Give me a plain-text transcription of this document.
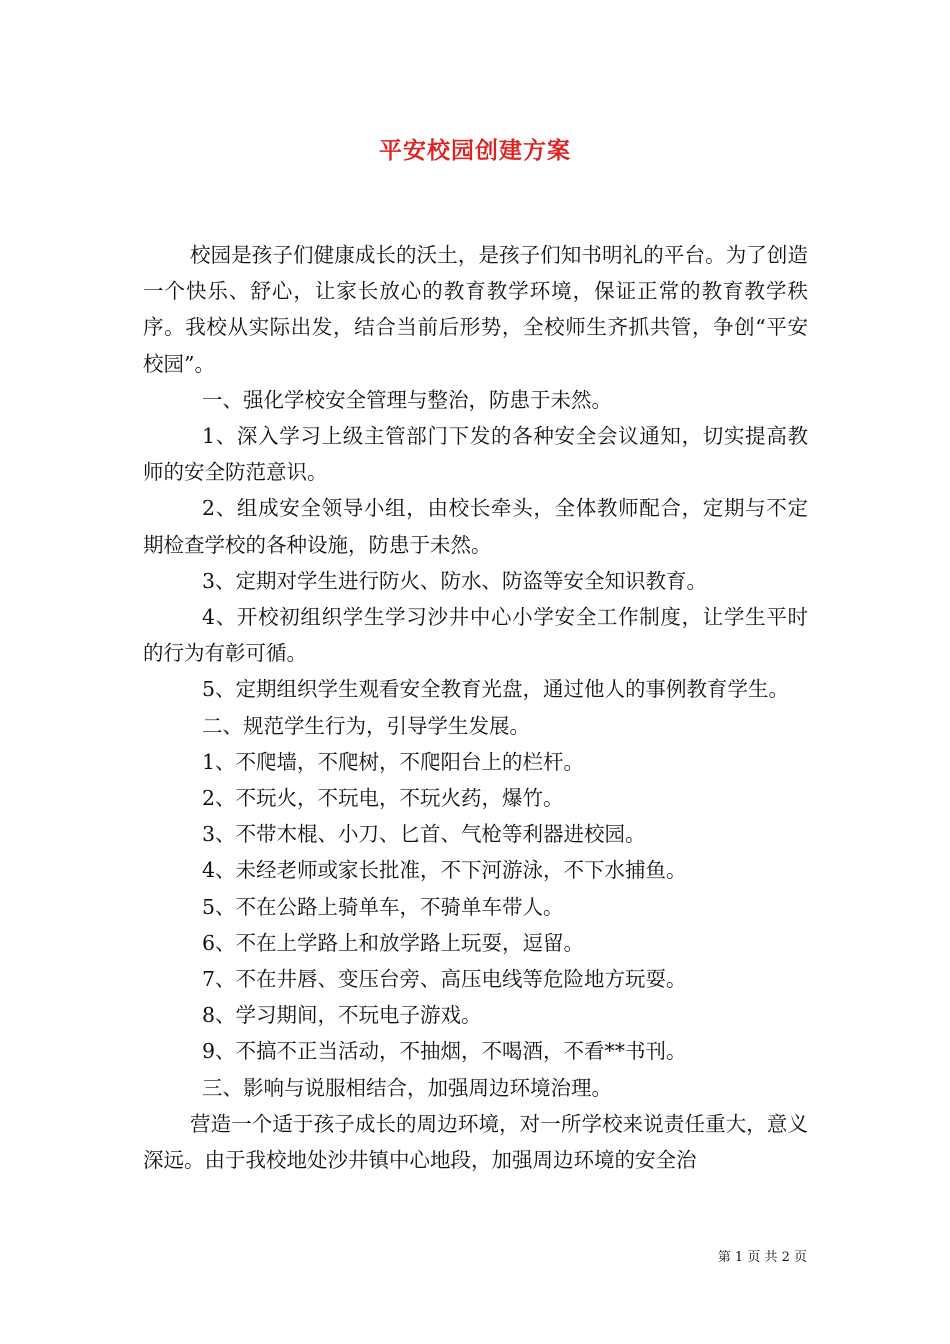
平安校园创建方案

校园是孩子们健康成长的沃土，是孩子们知书明礼的平台。为了创造一个快乐、舒心，让家长放心的教育教学环境，保证正常的教育教学秩序。我校从实际出发，结合当前后形势，全校师生齐抓共管，争创“平安校园”。

一、强化学校安全管理与整治，防患于未然。

1、深入学习上级主管部门下发的各种安全会议通知，切实提高教师的安全防范意识。

2、组成安全领导小组，由校长牵头，全体教师配合，定期与不定期检查学校的各种设施，防患于未然。

3、定期对学生进行防火、防水、防盗等安全知识教育。

4、开校初组织学生学习沙井中心小学安全工作制度，让学生平时的行为有彰可循。

5、定期组织学生观看安全教育光盘，通过他人的事例教育学生。

二、规范学生行为，引导学生发展。

1、不爬墙，不爬树，不爬阳台上的栏杆。

2、不玩火，不玩电，不玩火药，爆竹。

3、不带木棍、小刀、匕首、气枪等利器进校园。

4、未经老师或家长批准，不下河游泳，不下水捕鱼。

5、不在公路上骑单车，不骑单车带人。

6、不在上学路上和放学路上玩耍，逗留。

7、不在井唇、变压台旁、高压电线等危险地方玩耍。

8、学习期间，不玩电子游戏。

9、不搞不正当活动，不抽烟，不喝酒，不看**书刊。

三、影响与说服相结合，加强周边环境治理。

营造一个适于孩子成长的周边环境，对一所学校来说责任重大，意义深远。由于我校地处沙井镇中心地段，加强周边环境的安全治

第 1 页 共 2 页
